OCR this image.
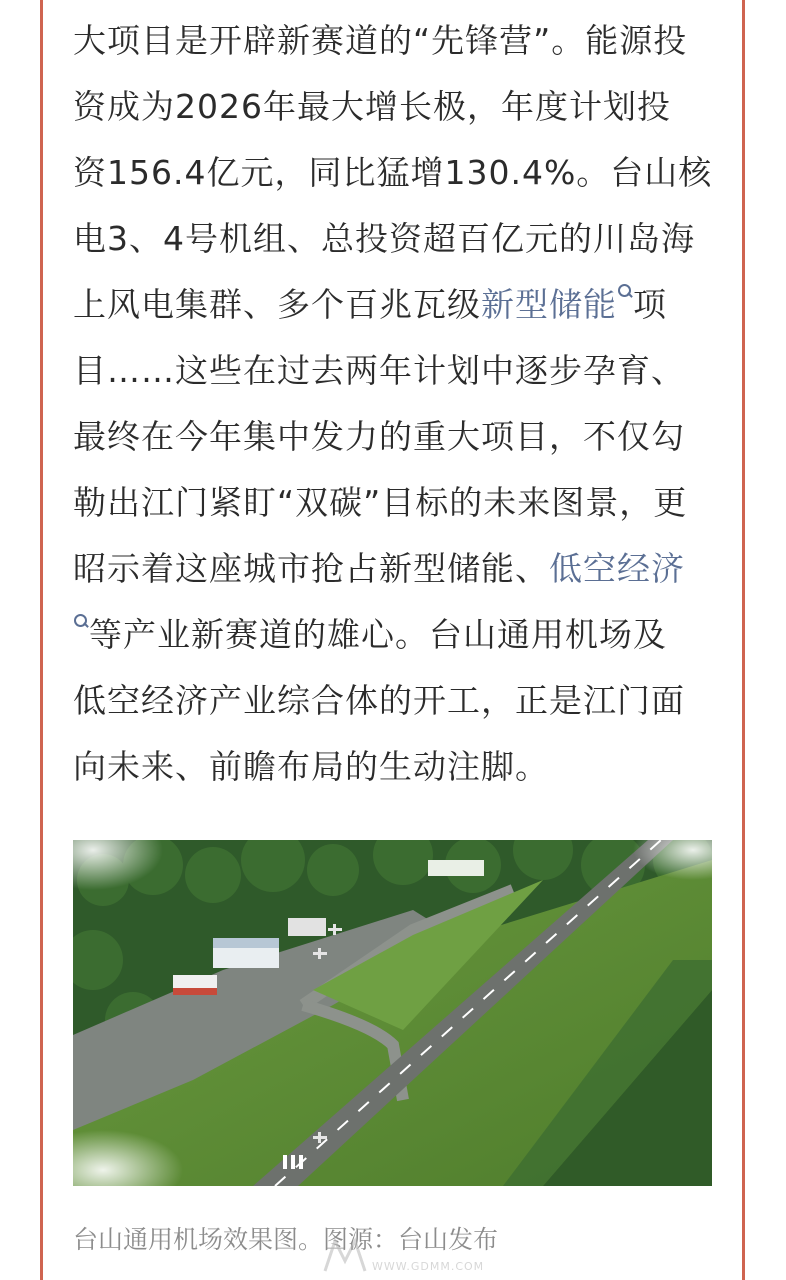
大项目是开辟新赛道的“先锋营”。能源投
资成为2026年最大增长极，年度计划投
资156.4亿元，同比猛增130.4%。台山核
电3、4号机组、总投资超百亿元的川岛海
上风电集群、多个百兆瓦级新型储能 项
目……这些在过去两年计划中逐步孕育、
最终在今年集中发力的重大项目，不仅勾
勒出江门紧盯“双碳”目标的未来图景，更
昭示着这座城市抢占新型储能、低空经济
等产业新赛道的雄心。台山通用机场及
低空经济产业综合体的开工，正是江门面
向未来、前瞻布局的生动注脚。
台山通用机场效果图。图源：台山发布
WWW.GDMM.COM
